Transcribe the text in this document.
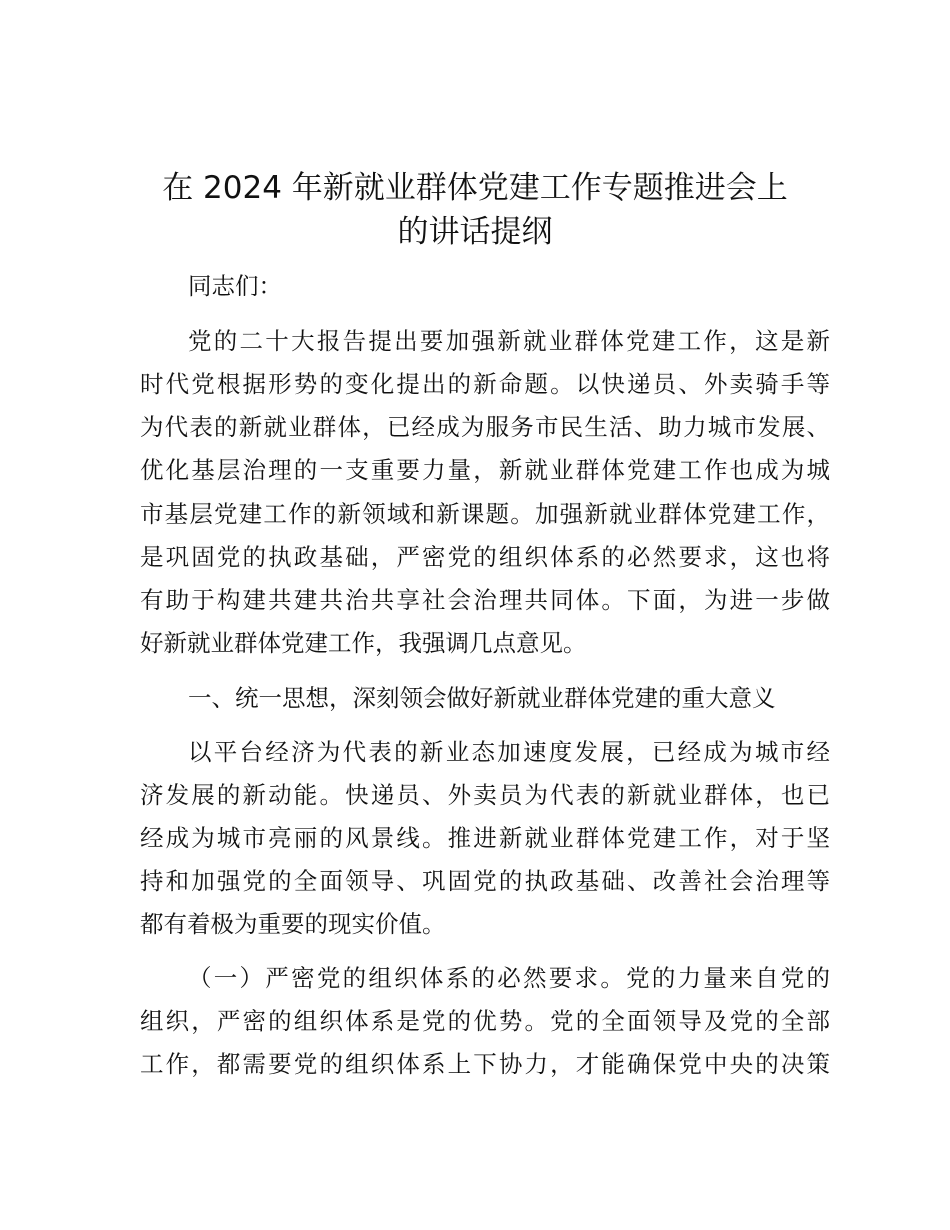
在 2024 年新就业群体党建工作专题推进会上
的讲话提纲
同志们：
党的二十大报告提出要加强新就业群体党建工作，这是新
时代党根据形势的变化提出的新命题。以快递员、外卖骑手等
为代表的新就业群体，已经成为服务市民生活、助力城市发展、
优化基层治理的一支重要力量，新就业群体党建工作也成为城
市基层党建工作的新领域和新课题。加强新就业群体党建工作，
是巩固党的执政基础，严密党的组织体系的必然要求，这也将
有助于构建共建共治共享社会治理共同体。下面，为进一步做
好新就业群体党建工作，我强调几点意见。
一、统一思想，深刻领会做好新就业群体党建的重大意义
以平台经济为代表的新业态加速度发展，已经成为城市经
济发展的新动能。快递员、外卖员为代表的新就业群体，也已
经成为城市亮丽的风景线。推进新就业群体党建工作，对于坚
持和加强党的全面领导、巩固党的执政基础、改善社会治理等
都有着极为重要的现实价值。
（一）严密党的组织体系的必然要求。党的力量来自党的
组织，严密的组织体系是党的优势。党的全面领导及党的全部
工作，都需要党的组织体系上下协力，才能确保党中央的决策
